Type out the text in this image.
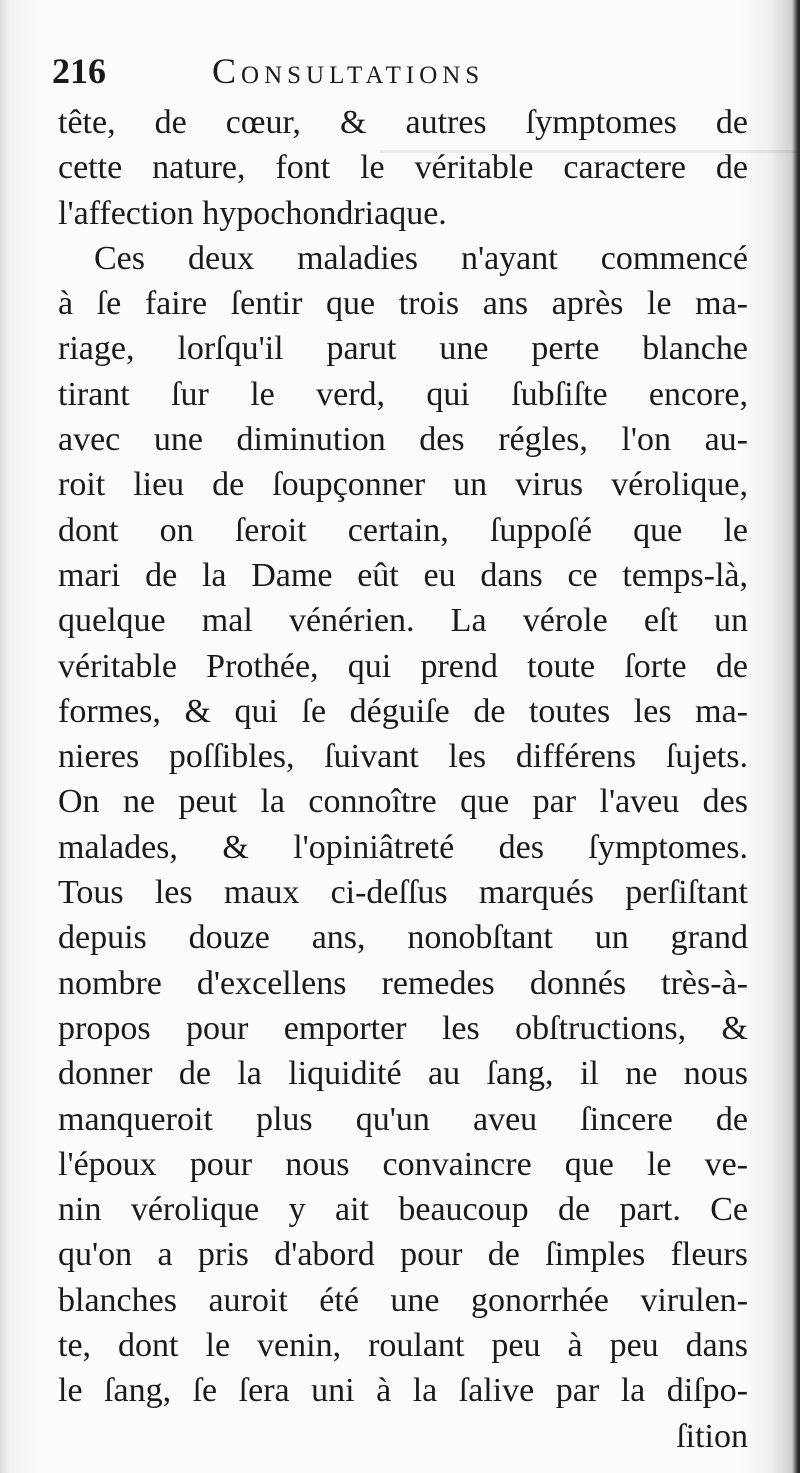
216	Consultations
tête, de cœur, & autres ſymptomes de
cette nature, font le véritable caractere de
l'affection hypochondriaque.
Ces deux maladies n'ayant commencé
à ſe faire ſentir que trois ans après le ma-
riage, lorſqu'il parut une perte blanche
tirant ſur le verd, qui ſubſiſte encore,
avec une diminution des régles, l'on au-
roit lieu de ſoupçonner un virus vérolique,
dont on ſeroit certain, ſuppoſé que le
mari de la Dame eût eu dans ce temps-là,
quelque mal vénérien. La vérole eſt un
véritable Prothée, qui prend toute ſorte de
formes, & qui ſe déguiſe de toutes les ma-
nieres poſſibles, ſuivant les différens ſujets.
On ne peut la connoître que par l'aveu des
malades, & l'opiniâtreté des ſymptomes.
Tous les maux ci-deſſus marqués perſiſtant
depuis douze ans, nonobſtant un grand
nombre d'excellens remedes donnés très-à-
propos pour emporter les obſtructions, &
donner de la liquidité au ſang, il ne nous
manqueroit plus qu'un aveu ſincere de
l'époux pour nous convaincre que le ve-
nin vérolique y ait beaucoup de part. Ce
qu'on a pris d'abord pour de ſimples fleurs
blanches auroit été une gonorrhée virulen-
te, dont le venin, roulant peu à peu dans
le ſang, ſe ſera uni à la ſalive par la diſpo-
ſition
